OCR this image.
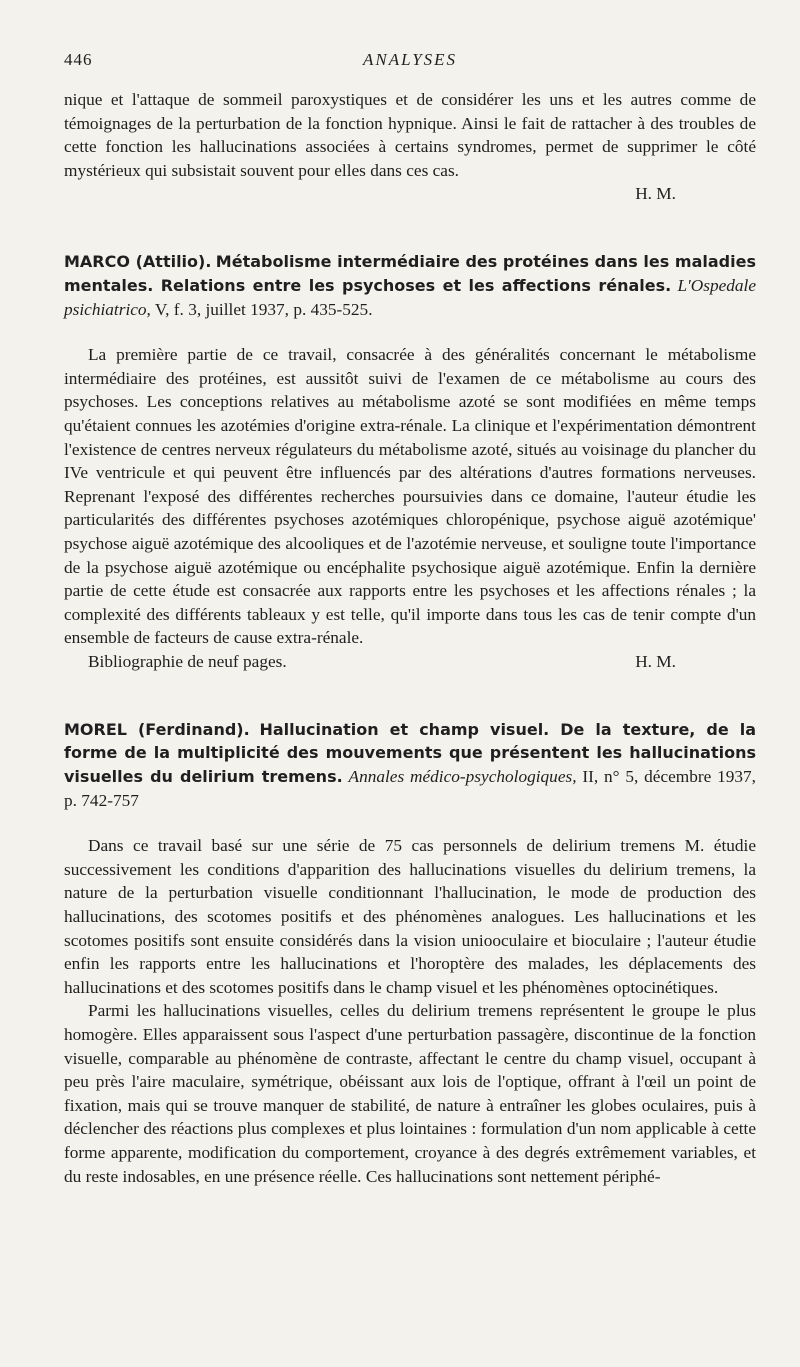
446	ANALYSES

nique et l'attaque de sommeil paroxystiques et de considérer les uns et les autres comme de témoignages de la perturbation de la fonction hypnique. Ainsi le fait de rattacher à des troubles de cette fonction les hallucinations associées à certains syndromes, permet de supprimer le côté mystérieux qui subsistait souvent pour elles dans ces cas.

H. M.
MARCO (Attilio). Métabolisme intermédiaire des protéines dans les maladies mentales. Relations entre les psychoses et les affections rénales. L'Ospedale psichiatrico, V, f. 3, juillet 1937, p. 435-525.

La première partie de ce travail, consacrée à des généralités concernant le métabolisme intermédiaire des protéines, est aussitôt suivi de l'examen de ce métabolisme au cours des psychoses. Les conceptions relatives au métabolisme azoté se sont modifiées en même temps qu'étaient connues les azotémies d'origine extra-rénale. La clinique et l'expérimentation démontrent l'existence de centres nerveux régulateurs du métabolisme azoté, situés au voisinage du plancher du IVe ventricule et qui peuvent être influencés par des altérations d'autres formations nerveuses. Reprenant l'exposé des différentes recherches poursuivies dans ce domaine, l'auteur étudie les particularités des différentes psychoses azotémiques chloropénique, psychose aiguë azotémique' psychose aiguë azotémique des alcooliques et de l'azotémie nerveuse, et souligne toute l'importance de la psychose aiguë azotémique ou encéphalite psychosique aiguë azotémique. Enfin la dernière partie de cette étude est consacrée aux rapports entre les psychoses et les affections rénales ; la complexité des différents tableaux y est telle, qu'il importe dans tous les cas de tenir compte d'un ensemble de facteurs de cause extra-rénale.

Bibliographie de neuf pages.	H. M.
MOREL (Ferdinand). Hallucination et champ visuel. De la texture, de la forme de la multiplicité des mouvements que présentent les hallucinations visuelles du delirium tremens. Annales médico-psychologiques, II, n° 5, décembre 1937, p. 742-757

Dans ce travail basé sur une série de 75 cas personnels de delirium tremens M. étudie successivement les conditions d'apparition des hallucinations visuelles du delirium tremens, la nature de la perturbation visuelle conditionnant l'hallucination, le mode de production des hallucinations, des scotomes positifs et des phénomènes analogues. Les hallucinations et les scotomes positifs sont ensuite considérés dans la vision uniooculaire et bioculaire ; l'auteur étudie enfin les rapports entre les hallucinations et l'horoptère des malades, les déplacements des hallucinations et des scotomes positifs dans le champ visuel et les phénomènes optocinétiques.

Parmi les hallucinations visuelles, celles du delirium tremens représentent le groupe le plus homogère. Elles apparaissent sous l'aspect d'une perturbation passagère, discontinue de la fonction visuelle, comparable au phénomène de contraste, affectant le centre du champ visuel, occupant à peu près l'aire maculaire, symétrique, obéissant aux lois de l'optique, offrant à l'œil un point de fixation, mais qui se trouve manquer de stabilité, de nature à entraîner les globes oculaires, puis à déclencher des réactions plus complexes et plus lointaines : formulation d'un nom applicable à cette forme apparente, modification du comportement, croyance à des degrés extrêmement variables, et du reste indosables, en une présence réelle. Ces hallucinations sont nettement périphé-
